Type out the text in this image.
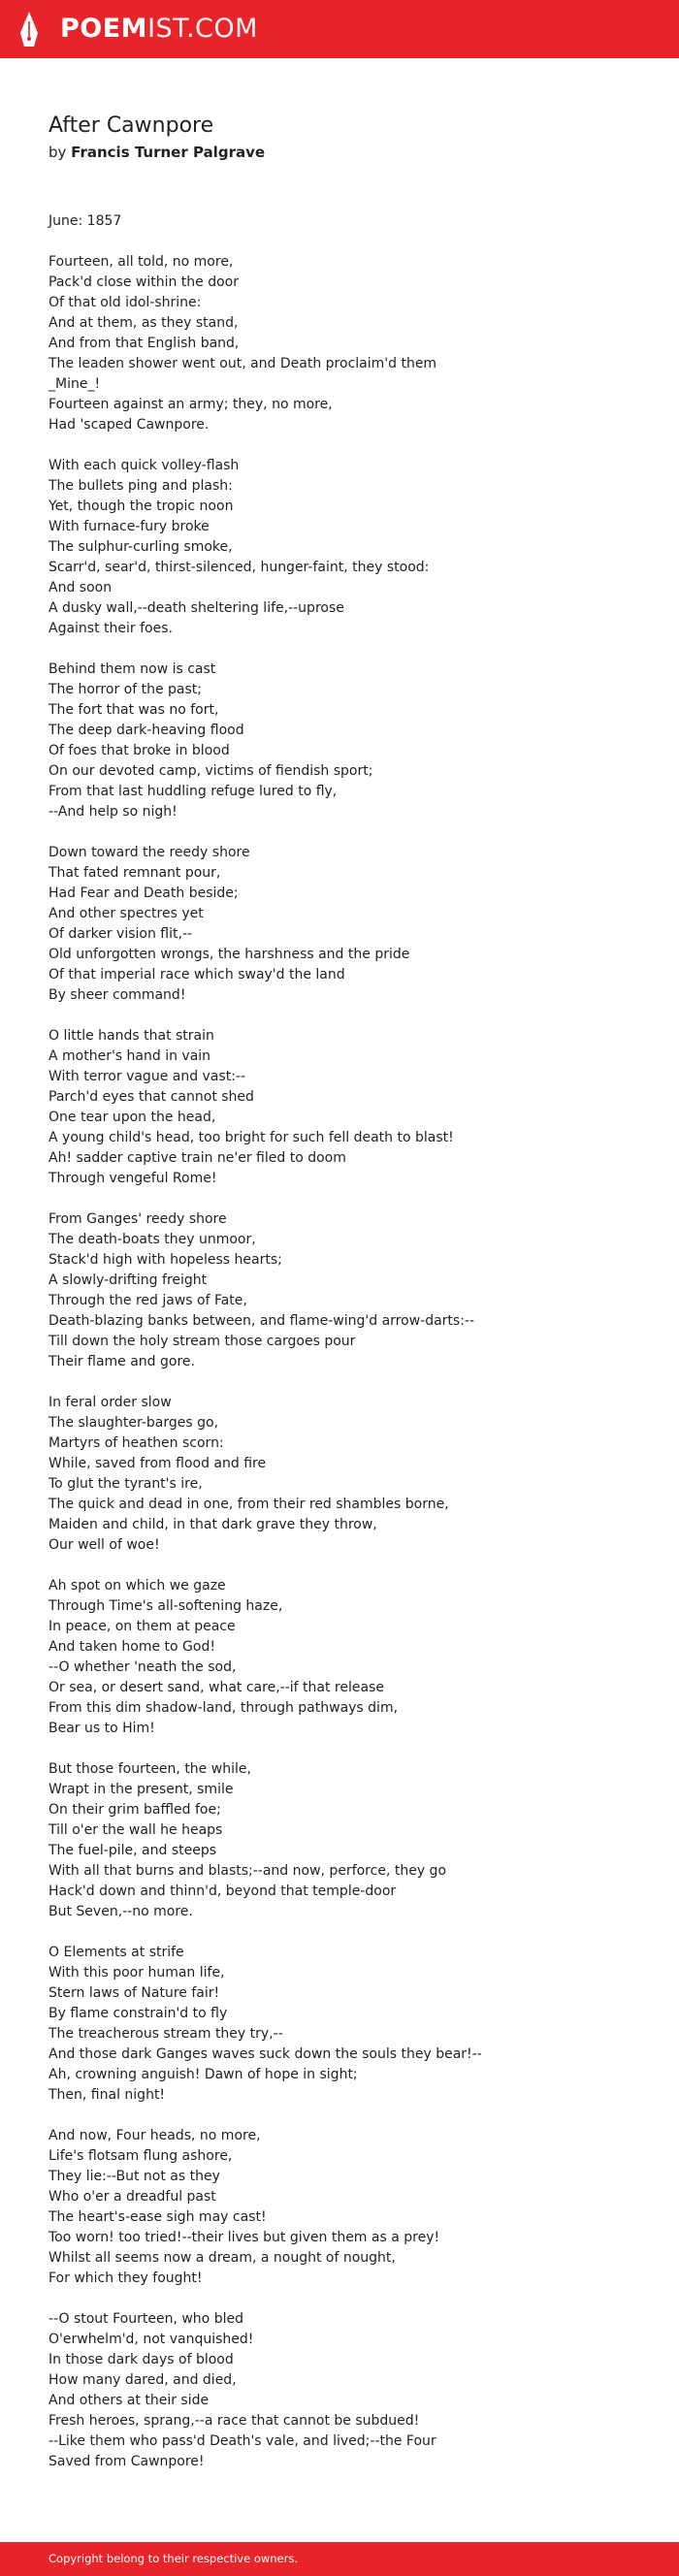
POEMIST.COM
After Cawnpore
by Francis Turner Palgrave
June: 1857
Fourteen, all told, no more,
Pack'd close within the door
Of that old idol-shrine:
And at them, as they stand,
And from that English band,
The leaden shower went out, and Death proclaim'd them
_Mine_!
Fourteen against an army; they, no more,
Had 'scaped Cawnpore.
With each quick volley-flash
The bullets ping and plash:
Yet, though the tropic noon
With furnace-fury broke
The sulphur-curling smoke,
Scarr'd, sear'd, thirst-silenced, hunger-faint, they stood:
And soon
A dusky wall,--death sheltering life,--uprose
Against their foes.
Behind them now is cast
The horror of the past;
The fort that was no fort,
The deep dark-heaving flood
Of foes that broke in blood
On our devoted camp, victims of fiendish sport;
From that last huddling refuge lured to fly,
--And help so nigh!
Down toward the reedy shore
That fated remnant pour,
Had Fear and Death beside;
And other spectres yet
Of darker vision flit,--
Old unforgotten wrongs, the harshness and the pride
Of that imperial race which sway'd the land
By sheer command!
O little hands that strain
A mother's hand in vain
With terror vague and vast:--
Parch'd eyes that cannot shed
One tear upon the head,
A young child's head, too bright for such fell death to blast!
Ah! sadder captive train ne'er filed to doom
Through vengeful Rome!
From Ganges' reedy shore
The death-boats they unmoor,
Stack'd high with hopeless hearts;
A slowly-drifting freight
Through the red jaws of Fate,
Death-blazing banks between, and flame-wing'd arrow-darts:--
Till down the holy stream those cargoes pour
Their flame and gore.
In feral order slow
The slaughter-barges go,
Martyrs of heathen scorn:
While, saved from flood and fire
To glut the tyrant's ire,
The quick and dead in one, from their red shambles borne,
Maiden and child, in that dark grave they throw,
Our well of woe!
Ah spot on which we gaze
Through Time's all-softening haze,
In peace, on them at peace
And taken home to God!
--O whether 'neath the sod,
Or sea, or desert sand, what care,--if that release
From this dim shadow-land, through pathways dim,
Bear us to Him!
But those fourteen, the while,
Wrapt in the present, smile
On their grim baffled foe;
Till o'er the wall he heaps
The fuel-pile, and steeps
With all that burns and blasts;--and now, perforce, they go
Hack'd down and thinn'd, beyond that temple-door
But Seven,--no more.
O Elements at strife
With this poor human life,
Stern laws of Nature fair!
By flame constrain'd to fly
The treacherous stream they try,--
And those dark Ganges waves suck down the souls they bear!--
Ah, crowning anguish! Dawn of hope in sight;
Then, final night!
And now, Four heads, no more,
Life's flotsam flung ashore,
They lie:--But not as they
Who o'er a dreadful past
The heart's-ease sigh may cast!
Too worn! too tried!--their lives but given them as a prey!
Whilst all seems now a dream, a nought of nought,
For which they fought!
--O stout Fourteen, who bled
O'erwhelm'd, not vanquished!
In those dark days of blood
How many dared, and died,
And others at their side
Fresh heroes, sprang,--a race that cannot be subdued!
--Like them who pass'd Death's vale, and lived;--the Four
Saved from Cawnpore!
Copyright belong to their respective owners.
